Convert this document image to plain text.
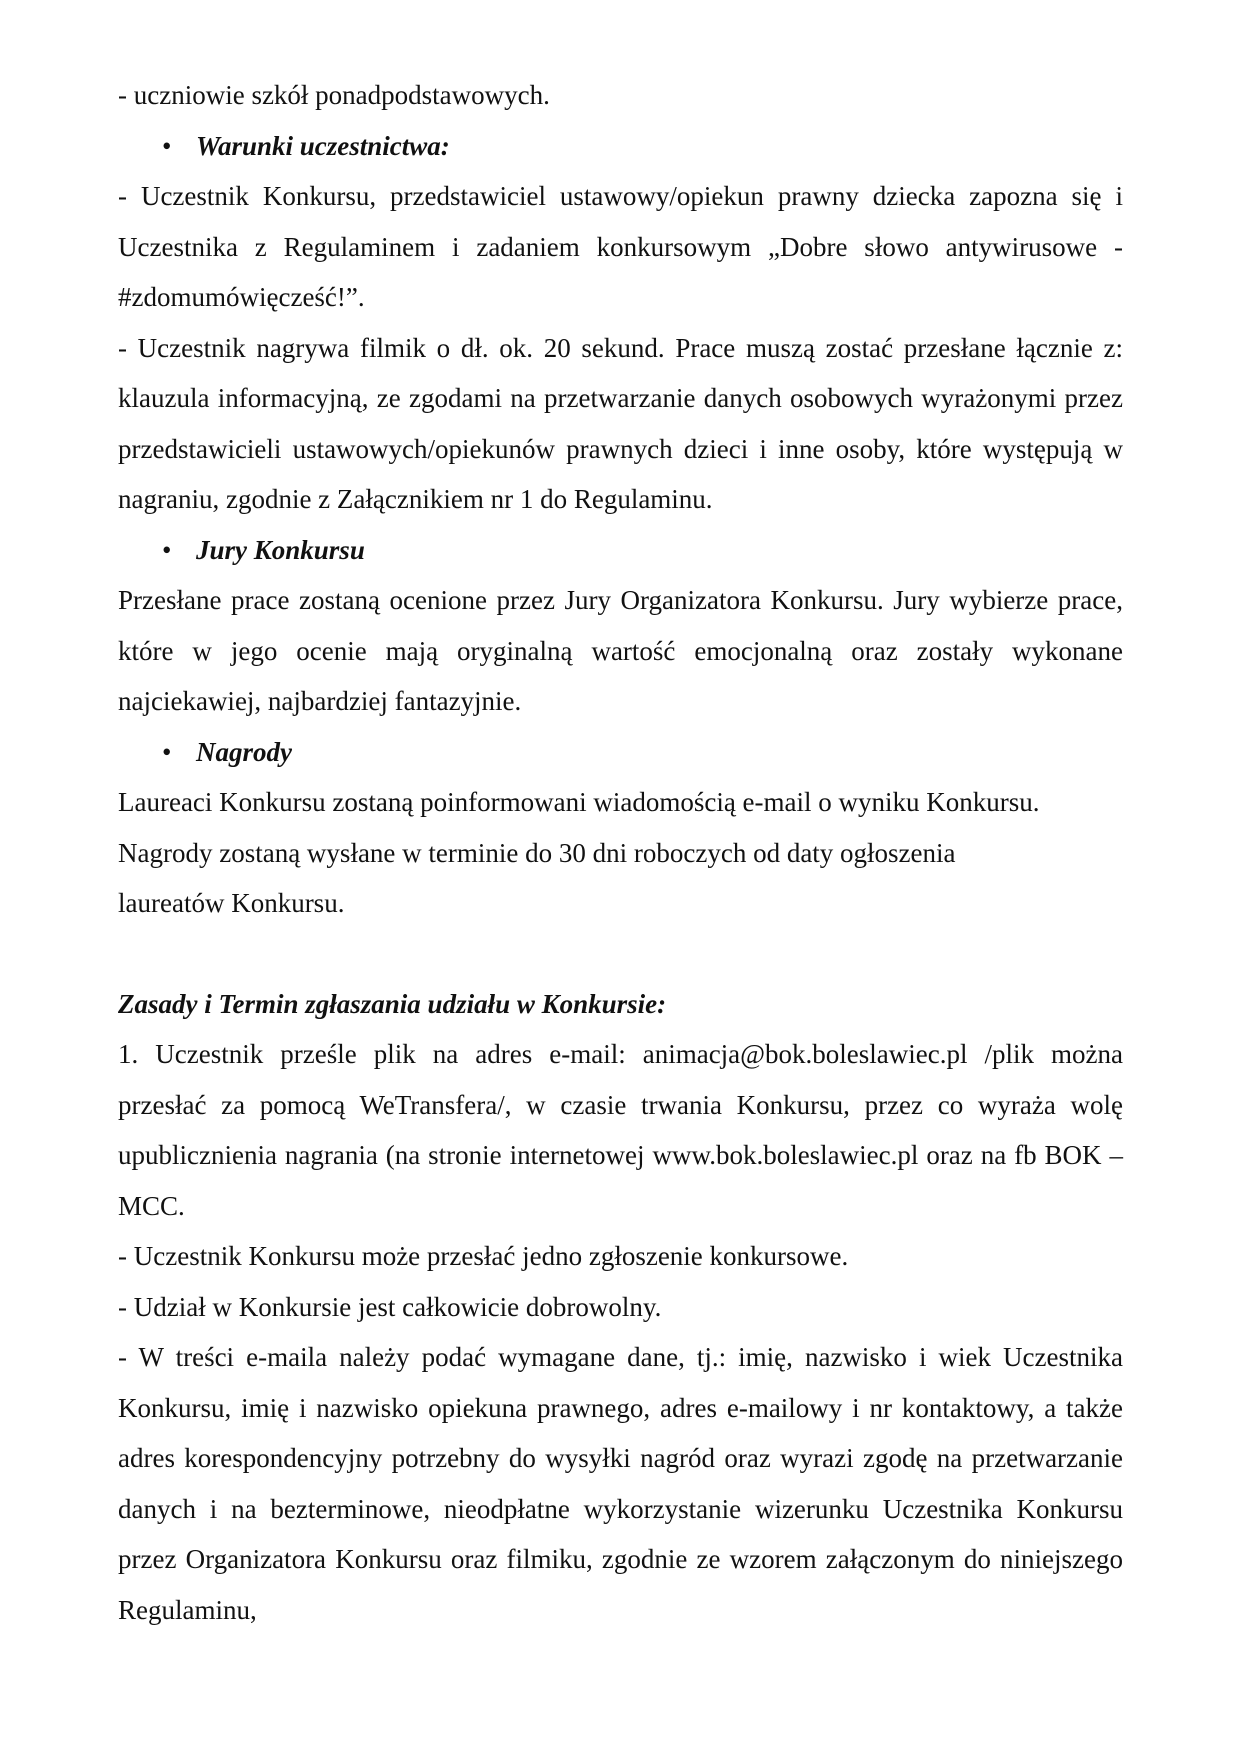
- uczniowie szkół ponadpodstawowych.

• Warunki uczestnictwa:

- Uczestnik Konkursu, przedstawiciel ustawowy/opiekun prawny dziecka zapozna się i Uczestnika z Regulaminem i zadaniem konkursowym „Dobre słowo antywirusowe - #zdomumówięcześć!”.

- Uczestnik nagrywa filmik o dł. ok. 20 sekund. Prace muszą zostać przesłane łącznie z: klauzula informacyjną, ze zgodami na przetwarzanie danych osobowych wyrażonymi przez przedstawicieli ustawowych/opiekunów prawnych dzieci i inne osoby, które występują w nagraniu, zgodnie z Załącznikiem nr 1 do Regulaminu.

• Jury Konkursu

Przesłane prace zostaną ocenione przez Jury Organizatora Konkursu. Jury wybierze prace, które w jego ocenie mają oryginalną wartość emocjonalną oraz zostały wykonane najciekawiej, najbardziej fantazyjnie.

• Nagrody

Laureaci Konkursu zostaną poinformowani wiadomością e-mail o wyniku Konkursu.

Nagrody zostaną wysłane w terminie do 30 dni roboczych od daty ogłoszenia

laureatów Konkursu.

Zasady i Termin zgłaszania udziału w Konkursie:

1. Uczestnik prześle plik na adres e-mail: animacja@bok.boleslawiec.pl /plik można przesłać za pomocą WeTransfera/, w czasie trwania Konkursu, przez co wyraża wolę upublicznienia nagrania (na stronie internetowej www.bok.boleslawiec.pl oraz na fb BOK – MCC.

- Uczestnik Konkursu może przesłać jedno zgłoszenie konkursowe.

- Udział w Konkursie jest całkowicie dobrowolny.

- W treści e-maila należy podać wymagane dane, tj.: imię, nazwisko i wiek Uczestnika Konkursu, imię i nazwisko opiekuna prawnego, adres e-mailowy i nr kontaktowy, a także adres korespondencyjny potrzebny do wysyłki nagród oraz wyrazi zgodę na przetwarzanie danych i na bezterminowe, nieodpłatne wykorzystanie wizerunku Uczestnika Konkursu przez Organizatora Konkursu oraz filmiku, zgodnie ze wzorem załączonym do niniejszego Regulaminu,
